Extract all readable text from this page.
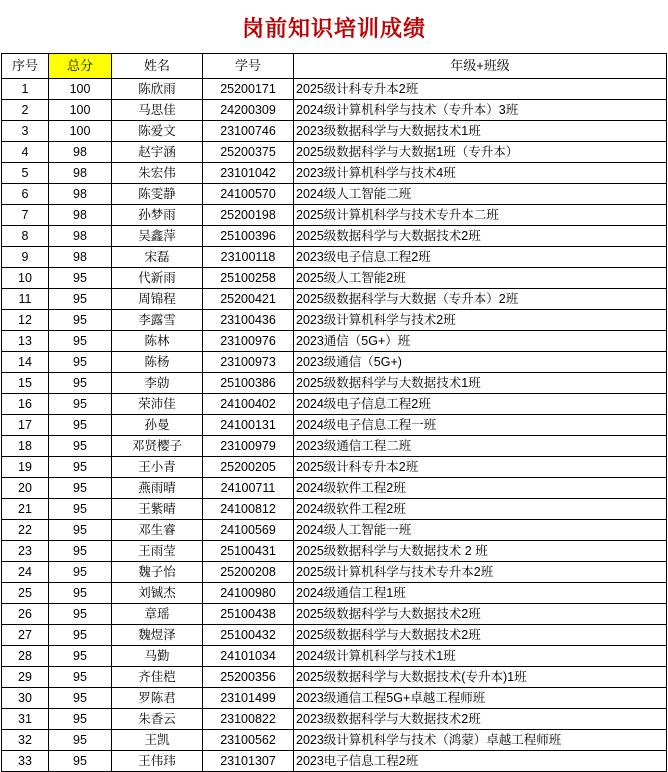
岗前知识培训成绩
序号	总分	姓名	学号	年级+班级
1	100	陈欣雨	25200171	2025级计科专升本2班
2	100	马思佳	24200309	2024级计算机科学与技术（专升本）3班
3	100	陈爱文	23100746	2023级数据科学与大数据技术1班
4	98	赵宇涵	25200375	2025级数据科学与大数据1班（专升本）
5	98	朱宏伟	23101042	2023级计算机科学与技术4班
6	98	陈雯静	24100570	2024级人工智能二班
7	98	孙梦雨	25200198	2025级计算机科学与技术专升本二班
8	98	吴鑫萍	25100396	2025级数据科学与大数据技术2班
9	98	宋磊	23100118	2023级电子信息工程2班
10	95	代新雨	25100258	2025级人工智能2班
11	95	周锦程	25200421	2025级数据科学与大数据（专升本）2班
12	95	李露雪	23100436	2023级计算机科学与技术2班
13	95	陈林	23100976	2023通信（5G+）班
14	95	陈杨	23100973	2023级通信（5G+)
15	95	李勍	25100386	2025级数据科学与大数据技术1班
16	95	荣沛佳	24100402	2024级电子信息工程2班
17	95	孙曼	24100131	2024级电子信息工程一班
18	95	邓贤樱子	23100979	2023级通信工程二班
19	95	王小青	25200205	2025级计科专升本2班
20	95	燕雨晴	24100711	2024级软件工程2班
21	95	王紫晴	24100812	2024级软件工程2班
22	95	邓生睿	24100569	2024级人工智能一班
23	95	王雨莹	25100431	2025级数据科学与大数据技术 2 班
24	95	魏子怡	25200208	2025级计算机科学与技术专升本2班
25	95	刘铖杰	24100980	2024级通信工程1班
26	95	章瑶	25100438	2025级数据科学与大数据技术2班
27	95	魏煜泽	25100432	2025级数据科学与大数据技术2班
28	95	马勤	24101034	2024级计算机科学与技术1班
29	95	齐佳桤	25200356	2025级数据科学与大数据技术(专升本)1班
30	95	罗陈君	23101499	2023级通信工程5G+卓越工程师班
31	95	朱香云	23100822	2023级数据科学与大数据技术2班
32	95	王凯	23100562	2023级计算机科学与技术（鸿蒙）卓越工程师班
33	95	王伟玮	23101307	2023电子信息工程2班
